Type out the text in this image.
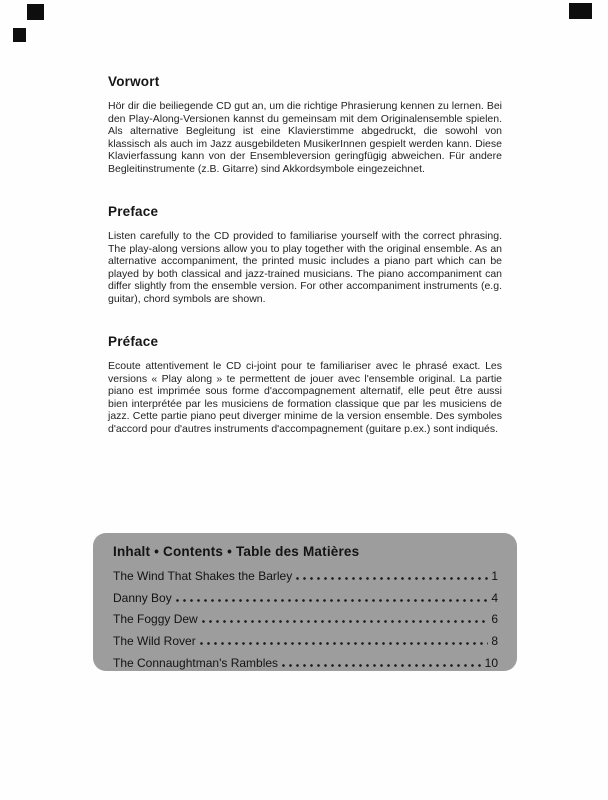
Vorwort

Hör dir die beiliegende CD gut an, um die richtige Phrasierung kennen zu lernen. Bei den Play-Along-Versionen kannst du gemeinsam mit dem Originalensemble spielen. Als alternative Begleitung ist eine Klavierstimme abgedruckt, die sowohl von klassisch als auch im Jazz ausgebildeten MusikerInnen gespielt werden kann. Diese Klavierfassung kann von der Ensembleversion geringfügig abweichen. Für andere Begleitinstrumente (z.B. Gitarre) sind Akkordsymbole eingezeichnet.

Preface

Listen carefully to the CD provided to familiarise yourself with the correct phrasing. The play-along versions allow you to play together with the original ensemble. As an alternative accompaniment, the printed music includes a piano part which can be played by both classical and jazz-trained musicians. The piano accompaniment can differ slightly from the ensemble version. For other accompaniment instruments (e.g. guitar), chord symbols are shown.

Préface

Ecoute attentivement le CD ci-joint pour te familiariser avec le phrasé exact. Les versions « Play along » te permettent de jouer avec l'ensemble original. La partie piano est imprimée sous forme d'accompagnement alternatif, elle peut être aussi bien interprétée par les musiciens de formation classique que par les musiciens de jazz. Cette partie piano peut diverger minime de la version ensemble. Des symboles d'accord pour d'autres instruments d'accompagnement (guitare p.ex.) sont indiqués.

Inhalt • Contents • Table des Matières
The Wind That Shakes the Barley	1
Danny Boy	4
The Foggy Dew	6
The Wild Rover	8
The Connaughtman's Rambles	10
